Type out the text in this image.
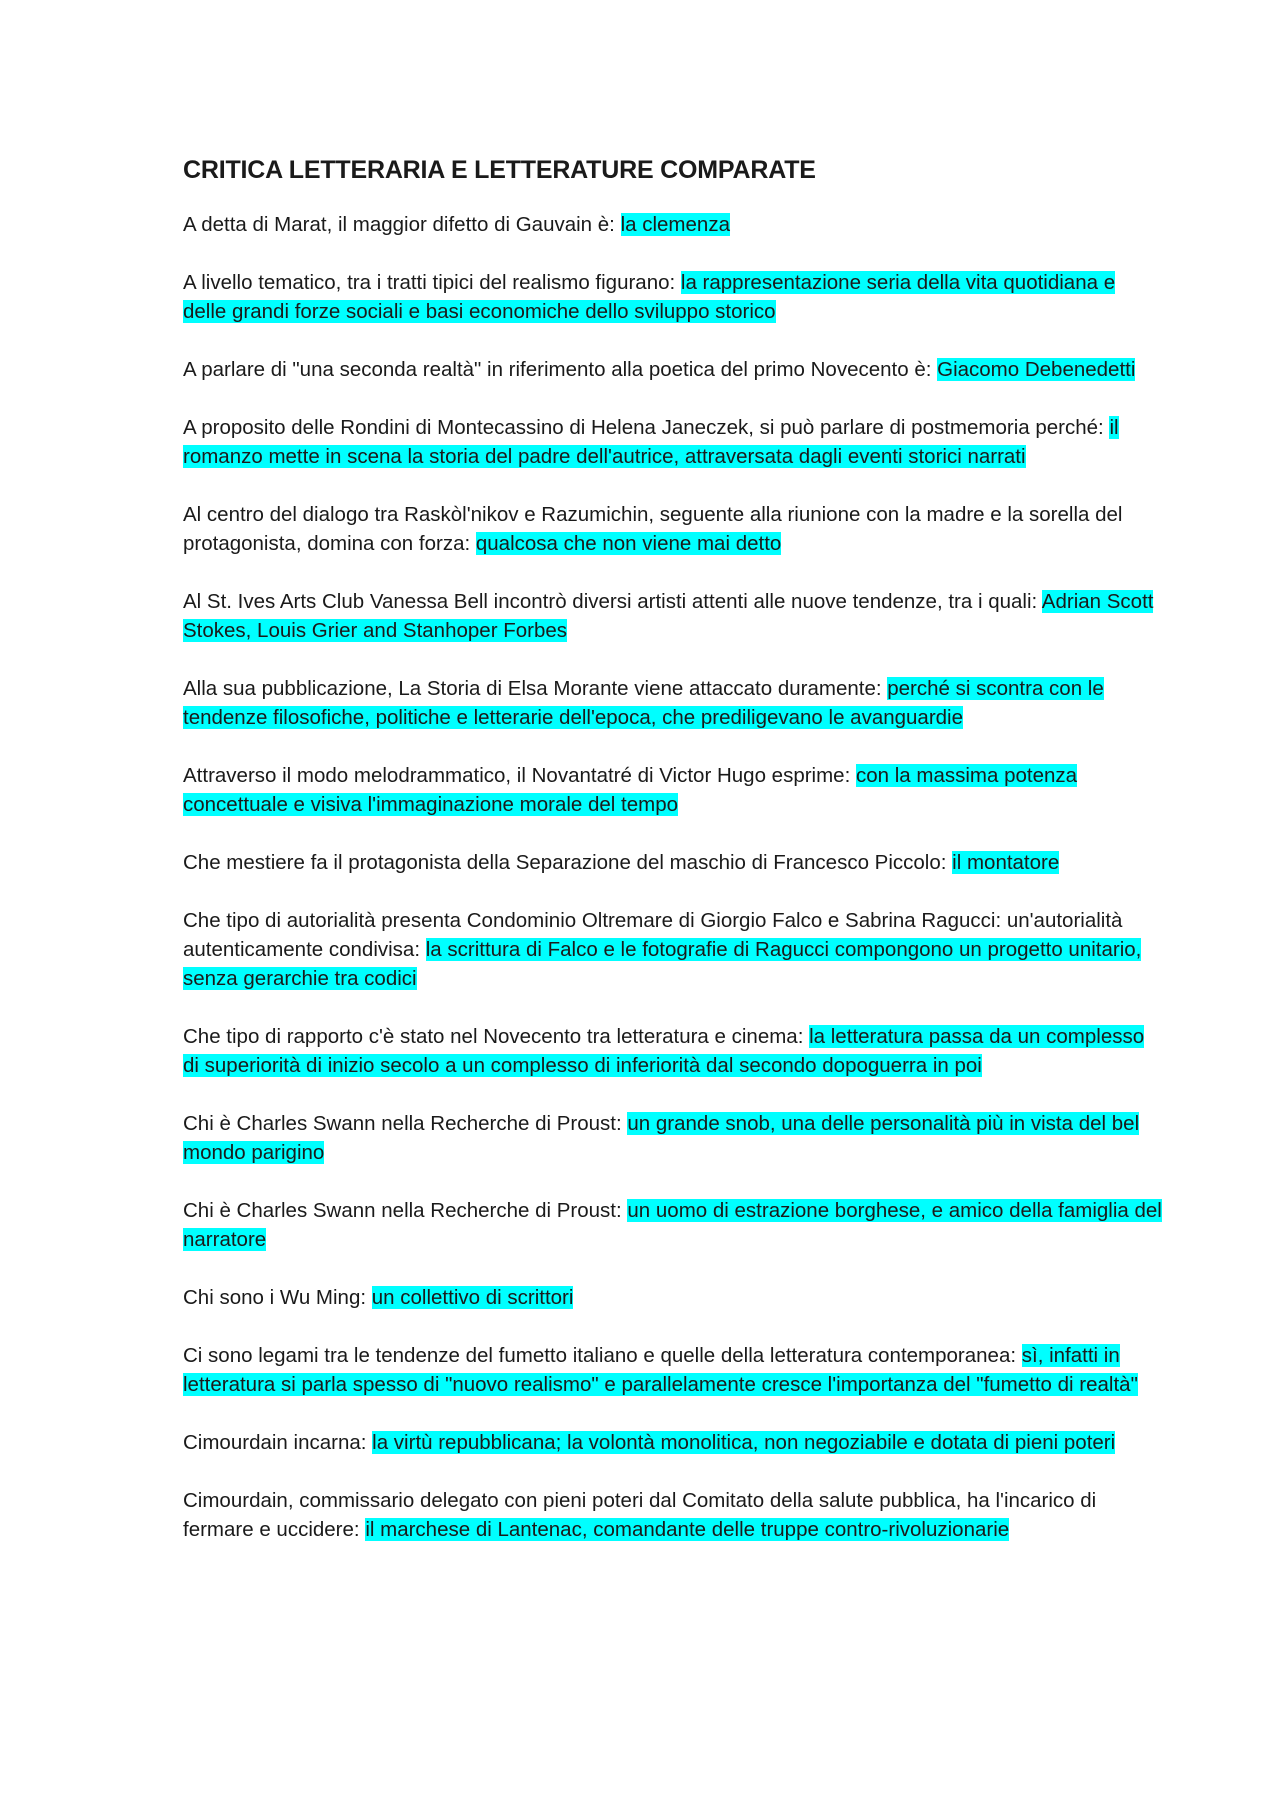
CRITICA LETTERARIA E LETTERATURE COMPARATE

A detta di Marat, il maggior difetto di Gauvain è: la clemenza

A livello tematico, tra i tratti tipici del realismo figurano: la rappresentazione seria della vita quotidiana e delle grandi forze sociali e basi economiche dello sviluppo storico

A parlare di "una seconda realtà" in riferimento alla poetica del primo Novecento è: Giacomo Debenedetti

A proposito delle Rondini di Montecassino di Helena Janeczek, si può parlare di postmemoria perché: il romanzo mette in scena la storia del padre dell'autrice, attraversata dagli eventi storici narrati

Al centro del dialogo tra Raskòl'nikov e Razumichin, seguente alla riunione con la madre e la sorella del protagonista, domina con forza: qualcosa che non viene mai detto

Al St. Ives Arts Club Vanessa Bell incontrò diversi artisti attenti alle nuove tendenze, tra i quali: Adrian Scott Stokes, Louis Grier and Stanhoper Forbes

Alla sua pubblicazione, La Storia di Elsa Morante viene attaccato duramente: perché si scontra con le tendenze filosofiche, politiche e letterarie dell'epoca, che prediligevano le avanguardie

Attraverso il modo melodrammatico, il Novantatré di Victor Hugo esprime: con la massima potenza concettuale e visiva l'immaginazione morale del tempo

Che mestiere fa il protagonista della Separazione del maschio di Francesco Piccolo: il montatore

Che tipo di autorialità presenta Condominio Oltremare di Giorgio Falco e Sabrina Ragucci: un'autorialità autenticamente condivisa: la scrittura di Falco e le fotografie di Ragucci compongono un progetto unitario, senza gerarchie tra codici

Che tipo di rapporto c'è stato nel Novecento tra letteratura e cinema: la letteratura passa da un complesso di superiorità di inizio secolo a un complesso di inferiorità dal secondo dopoguerra in poi

Chi è Charles Swann nella Recherche di Proust: un grande snob, una delle personalità più in vista del bel mondo parigino

Chi è Charles Swann nella Recherche di Proust: un uomo di estrazione borghese, e amico della famiglia del narratore

Chi sono i Wu Ming: un collettivo di scrittori

Ci sono legami tra le tendenze del fumetto italiano e quelle della letteratura contemporanea: sì, infatti in letteratura si parla spesso di "nuovo realismo" e parallelamente cresce l'importanza del "fumetto di realtà"

Cimourdain incarna: la virtù repubblicana; la volontà monolitica, non negoziabile e dotata di pieni poteri

Cimourdain, commissario delegato con pieni poteri dal Comitato della salute pubblica, ha l'incarico di fermare e uccidere: il marchese di Lantenac, comandante delle truppe contro-rivoluzionarie
